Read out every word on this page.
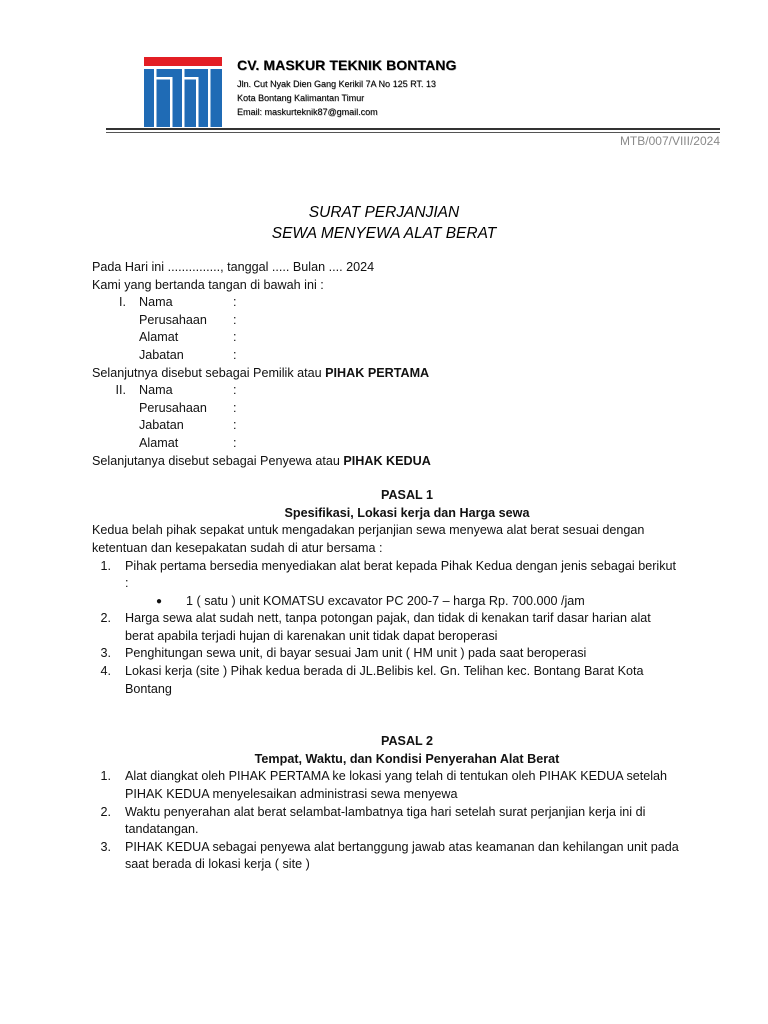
CV. MASKUR TEKNIK BONTANG
Jln. Cut Nyak Dien Gang Kerikil 7A No 125 RT. 13
Kota Bontang Kalimantan Timur
Email: maskurteknik87@gmail.com
MTB/007/VIII/2024
SURAT PERJANJIAN
SEWA MENYEWA ALAT BERAT

Pada Hari ini ..............., tanggal ..... Bulan .... 2024

Kami yang bertanda tangan di bawah ini :

I. Nama	:
Perusahaan	:
Alamat	:
Jabatan	:

Selanjutnya disebut sebagai Pemilik atau PIHAK PERTAMA

II. Nama	:
Perusahaan	:
Jabatan	:
Alamat	:

Selanjutanya disebut sebagai Penyewa atau PIHAK KEDUA

PASAL 1

Spesifikasi, Lokasi kerja dan Harga sewa

Kedua belah pihak sepakat untuk mengadakan perjanjian sewa menyewa alat berat sesuai dengan

ketentuan dan kesepakatan sudah di atur bersama :

1.	Pihak pertama bersedia menyediakan alat berat kepada Pihak Kedua dengan jenis sebagai berikut
:
●	1 ( satu ) unit KOMATSU excavator PC 200-7 – harga Rp. 700.000 /jam
2.	Harga sewa alat sudah nett, tanpa potongan pajak, dan tidak di kenakan tarif dasar harian alat
berat apabila terjadi hujan di karenakan unit tidak dapat beroperasi
3.	Penghitungan sewa unit, di bayar sesuai Jam unit ( HM unit ) pada saat beroperasi
4.	Lokasi kerja (site ) Pihak kedua berada di JL.Belibis kel. Gn. Telihan kec. Bontang Barat Kota
Bontang

PASAL 2

Tempat, Waktu, dan Kondisi Penyerahan Alat Berat

1.	Alat diangkat oleh PIHAK PERTAMA ke lokasi yang telah di tentukan oleh PIHAK KEDUA setelah
PIHAK KEDUA menyelesaikan administrasi sewa menyewa
2.	Waktu penyerahan alat berat selambat-lambatnya tiga hari setelah surat perjanjian kerja ini di
tandatangan.
3.	PIHAK KEDUA sebagai penyewa alat bertanggung jawab atas keamanan dan kehilangan unit pada
saat berada di lokasi kerja ( site )
